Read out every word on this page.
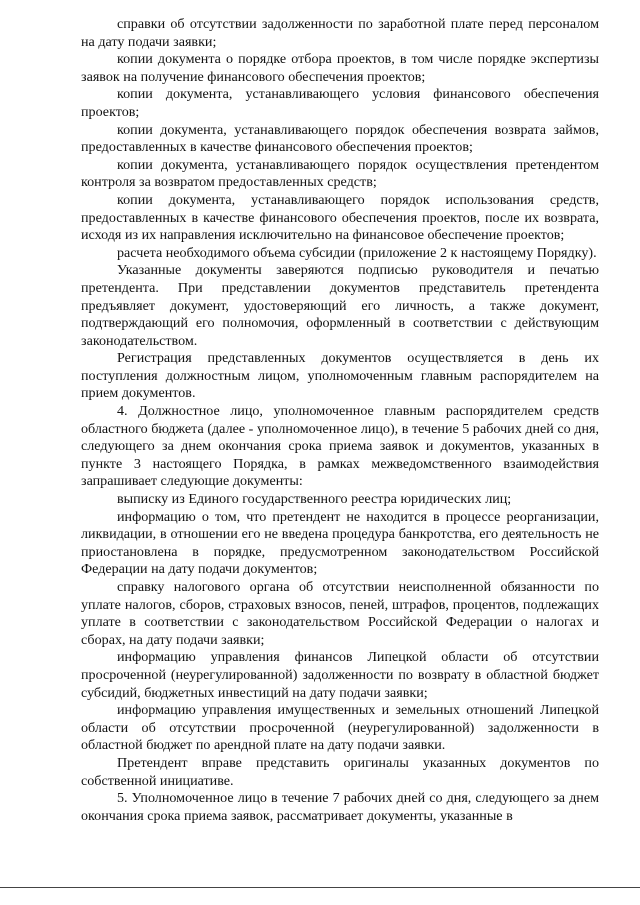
справки об отсутствии задолженности по заработной плате перед персоналом на дату подачи заявки;

копии документа о порядке отбора проектов, в том числе порядке экспертизы заявок на получение финансового обеспечения проектов;

копии документа, устанавливающего условия финансового обеспечения проектов;

копии документа, устанавливающего порядок обеспечения возврата займов, предоставленных в качестве финансового обеспечения проектов;

копии документа, устанавливающего порядок осуществления претендентом контроля за возвратом предоставленных средств;

копии документа, устанавливающего порядок использования средств, предоставленных в качестве финансового обеспечения проектов, после их возврата, исходя из их направления исключительно на финансовое обеспечение проектов;

расчета необходимого объема субсидии (приложение 2 к настоящему Порядку).

Указанные документы заверяются подписью руководителя и печатью претендента. При представлении документов представитель претендента предъявляет документ, удостоверяющий его личность, а также документ, подтверждающий его полномочия, оформленный в соответствии с действующим законодательством.

Регистрация представленных документов осуществляется в день их поступления должностным лицом, уполномоченным главным распорядителем на прием документов.

4. Должностное лицо, уполномоченное главным распорядителем средств областного бюджета (далее - уполномоченное лицо), в течение 5 рабочих дней со дня, следующего за днем окончания срока приема заявок и документов, указанных в пункте 3 настоящего Порядка, в рамках межведомственного взаимодействия запрашивает следующие документы:

выписку из Единого государственного реестра юридических лиц;

информацию о том, что претендент не находится в процессе реорганизации, ликвидации, в отношении его не введена процедура банкротства, его деятельность не приостановлена в порядке, предусмотренном законодательством Российской Федерации на дату подачи документов;

справку налогового органа об отсутствии неисполненной обязанности по уплате налогов, сборов, страховых взносов, пеней, штрафов, процентов, подлежащих уплате в соответствии с законодательством Российской Федерации о налогах и сборах, на дату подачи заявки;

информацию управления финансов Липецкой области об отсутствии просроченной (неурегулированной) задолженности по возврату в областной бюджет субсидий, бюджетных инвестиций на дату подачи заявки;

информацию управления имущественных и земельных отношений Липецкой области об отсутствии просроченной (неурегулированной) задолженности в областной бюджет по арендной плате на дату подачи заявки.

Претендент вправе представить оригиналы указанных документов по собственной инициативе.

5. Уполномоченное лицо в течение 7 рабочих дней со дня, следующего за днем окончания срока приема заявок, рассматривает документы, указанные в
